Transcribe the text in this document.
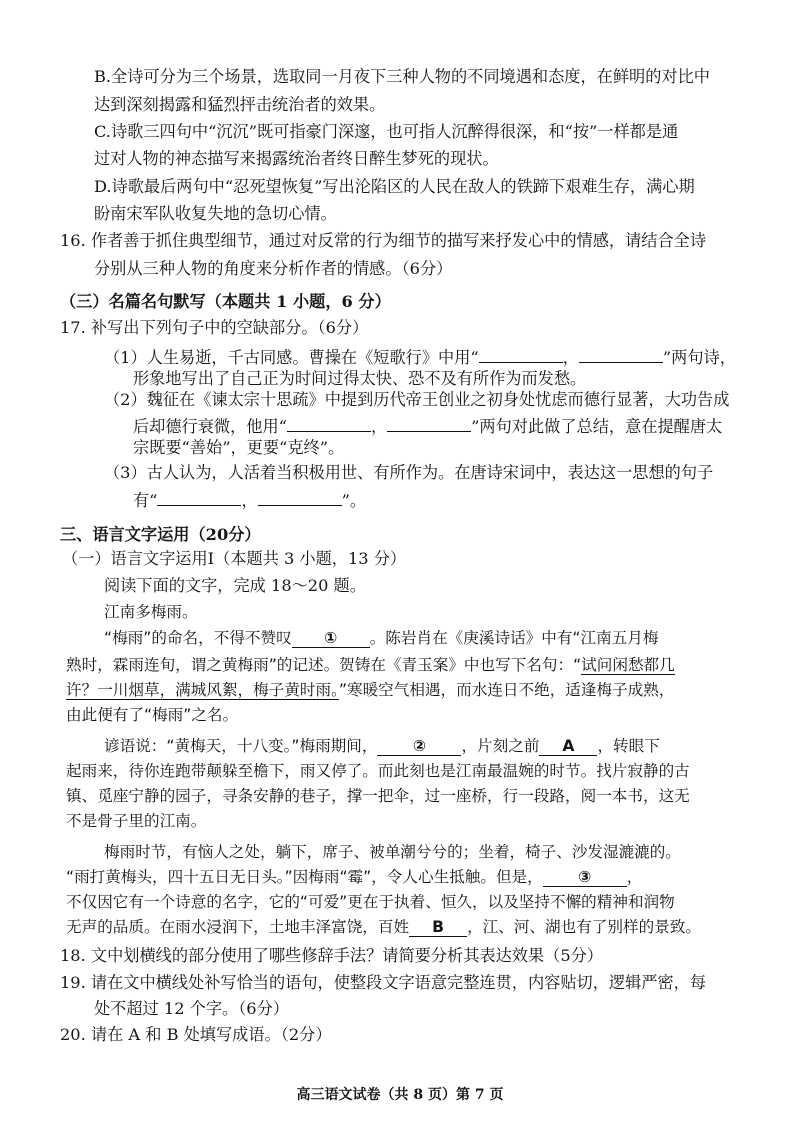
B.全诗可分为三个场景，选取同一月夜下三种人物的不同境遇和态度，在鲜明的对比中
达到深刻揭露和猛烈抨击统治者的效果。
C.诗歌三四句中“沉沉”既可指豪门深邃，也可指人沉醉得很深，和“按”一样都是通
过对人物的神态描写来揭露统治者终日醉生梦死的现状。
D.诗歌最后两句中“忍死望恢复”写出沦陷区的人民在敌人的铁蹄下艰难生存，满心期
盼南宋军队收复失地的急切心情。
16. 作者善于抓住典型细节，通过对反常的行为细节的描写来抒发心中的情感，请结合全诗
分别从三种人物的角度来分析作者的情感。（6分）
（三）名篇名句默写（本题共 1 小题，6 分）
17. 补写出下列句子中的空缺部分。（6分）
（1）人生易逝，千古同感。曹操在《短歌行》中用“	，	”两句诗，
形象地写出了自己正为时间过得太快、恐不及有所作为而发愁。
（2）魏征在《谏太宗十思疏》中提到历代帝王创业之初身处忧虑而德行显著，大功告成
后却德行衰微，他用“	，	”两句对此做了总结，意在提醒唐太
宗既要“善始”，更要“克终”。
（3）古人认为，人活着当积极用世、有所作为。在唐诗宋词中，表达这一思想的句子
有“	，	”。
三、语言文字运用（20分）
（一）语言文字运用Ⅰ（本题共 3 小题，13 分）
阅读下面的文字，完成 18～20 题。
江南多梅雨。
“梅雨”的命名，不得不赞叹 ① 。陈岩肖在《庚溪诗话》中有“江南五月梅
熟时，霖雨连旬，谓之黄梅雨”的记述。贺铸在《青玉案》中也写下名句：“试问闲愁都几
许？一川烟草，满城风絮，梅子黄时雨。”寒暖空气相遇，而水连日不绝，适逢梅子成熟，
由此便有了“梅雨”之名。
谚语说：“黄梅天，十八变。”梅雨期间， ② ，片刻之前 A ，转眼下
起雨来，待你连跑带颠躲至檐下，雨又停了。而此刻也是江南最温婉的时节。找片寂静的古
镇、觅座宁静的园子，寻条安静的巷子，撑一把伞，过一座桥，行一段路，阅一本书，这无
不是骨子里的江南。
梅雨时节，有恼人之处，躺下，席子、被单潮兮兮的；坐着，椅子、沙发湿漉漉的。
“雨打黄梅头，四十五日无日头。”因梅雨“霉”，令人心生抵触。但是， ③ ，
不仅因它有一个诗意的名字，它的“可爱”更在于执着、恒久，以及坚持不懈的精神和润物
无声的品质。在雨水浸润下，土地丰泽富饶，百姓 B ，江、河、湖也有了别样的景致。
18. 文中划横线的部分使用了哪些修辞手法？请简要分析其表达效果（5分）
19. 请在文中横线处补写恰当的语句，使整段文字语意完整连贯，内容贴切，逻辑严密，每
处不超过 12 个字。（6分）
20. 请在 A 和 B 处填写成语。（2分）
高三语文试卷（共 8 页）第 7 页
